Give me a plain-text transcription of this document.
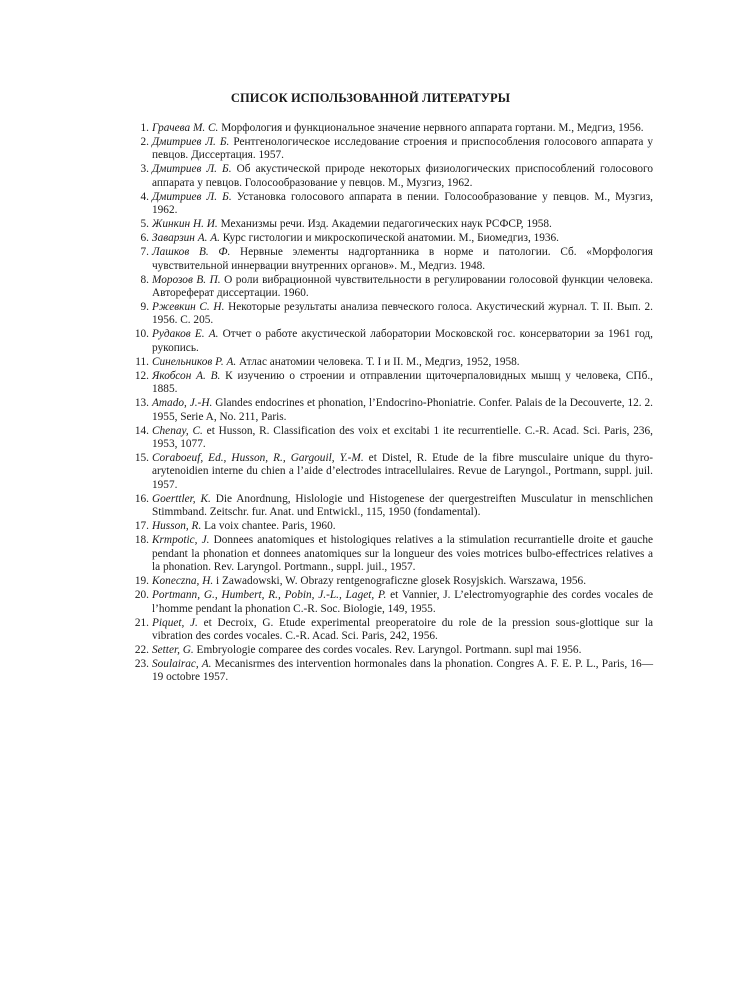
СПИСОК ИСПОЛЬЗОВАННОЙ ЛИТЕРАТУРЫ
1. Грачева М. С. Морфология и функциональное значение нервного аппарата гортани. М., Медгиз, 1956.
2. Дмитриев Л. Б. Рентгенологическое исследование строения и приспособления голосового аппарата у певцов. Диссертация. 1957.
3. Дмитриев Л. Б. Об акустической природе некоторых физиологических приспособлений голосового аппарата у певцов. Голосообразование у певцов. М., Музгиз, 1962.
4. Дмитриев Л. Б. Установка голосового аппарата в пении. Голосообразование у певцов. М., Музгиз, 1962.
5. Жинкин Н. И. Механизмы речи. Изд. Академии педагогических наук РСФСР, 1958.
6. Заварзин А. А. Курс гистологии и микроскопической анатомии. М., Биомедгиз, 1936.
7. Лашков В. Ф. Нервные элементы надгортанника в норме и патологии. Сб. «Морфология чувствительной иннервации внутренних органов». М., Медгиз. 1948.
8. Морозов В. П. О роли вибрационной чувствительности в регулировании голосовой функции человека. Автореферат диссертации. 1960.
9. Ржевкин С. Н. Некоторые результаты анализа певческого голоса. Акустический журнал. Т. II. Вып. 2. 1956. С. 205.
10. Рудаков Е. А. Отчет о работе акустической лаборатории Московской гос. консерватории за 1961 год, рукопись.
11. Синельников Р. А. Атлас анатомии человека. Т. I и II. М., Медгиз, 1952, 1958.
12. Якобсон А. В. К изучению о строении и отправлении щиточерпаловидных мышц у человека, СПб., 1885.
13. Amado, J.-H. Glandes endocrines et phonation, l’Endocrino-Phoniatrie. Confer. Palais de la Decouverte, 12. 2. 1955, Serie A, No. 211, Paris.
14. Chenay, C. et Husson, R. Classification des voix et excitabi 1 ite recurrentielle. C.-R. Acad. Sci. Paris, 236, 1953, 1077.
15. Coraboeuf, Ed., Husson, R., Gargouil, Y.-M. et Distel, R. Etude de la fibre musculaire unique du thyro-arytenoidien interne du chien a l’aide d’electrodes intracellulaires. Revue de Laryngol., Portmann, suppl. juil. 1957.
16. Goerttler, K. Die Anordnung, Hislologie und Histogenese der quergestreiften Musculatur in menschlichen Stimmband. Zeitschr. fur. Anat. und Entwickl., 115, 1950 (fondamental).
17. Husson, R. La voix chantee. Paris, 1960.
18. Krmpotic, J. Donnees anatomiques et histologiques relatives a la stimulation recurrantielle droite et gauche pendant la phonation et donnees anatomiques sur la longueur des voies motrices bulbo-effectrices relatives a la phonation. Rev. Laryngol. Portmann., suppl. juil., 1957.
19. Koneczna, H. i Zawadowski, W. Obrazy rentgenograficzne glosek Rosyjskich. Warszawa, 1956.
20. Portmann, G., Humbert, R., Pobin, J.-L., Laget, P. et Vannier, J. L’electromyographie des cordes vocales de l’homme pendant la phonation C.-R. Soc. Biologie, 149, 1955.
21. Piquet, J. et Decroix, G. Etude experimental preoperatoire du role de la pression sous-glottique sur la vibration des cordes vocales. C.-R. Acad. Sci. Paris, 242, 1956.
22. Setter, G. Embryologie comparee des cordes vocales. Rev. Laryngol. Portmann. supl mai 1956.
23. Soulairac, A. Mecanisrmes des intervention hormonales dans la phonation. Congres A. F. E. P. L., Paris, 16—19 octobre 1957.
